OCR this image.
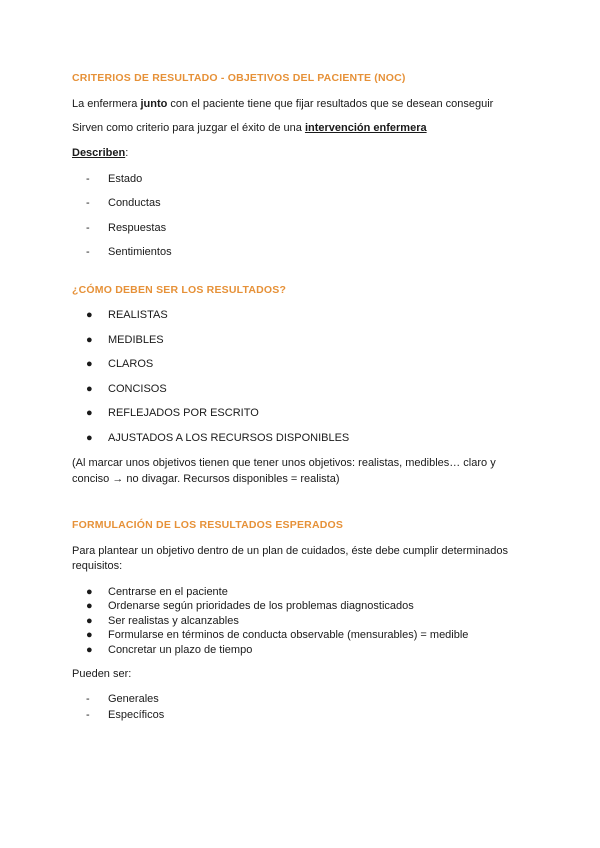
CRITERIOS DE RESULTADO - OBJETIVOS DEL PACIENTE (NOC)
La enfermera junto con el paciente tiene que fijar resultados que se desean conseguir
Sirven como criterio para juzgar el éxito de una intervención enfermera
Describen:
- Estado
- Conductas
- Respuestas
- Sentimientos
¿CÓMO DEBEN SER LOS RESULTADOS?
● REALISTAS
● MEDIBLES
● CLAROS
● CONCISOS
● REFLEJADOS POR ESCRITO
● AJUSTADOS A LOS RECURSOS DISPONIBLES
(Al marcar unos objetivos tienen que tener unos objetivos: realistas, medibles… claro y conciso → no divagar. Recursos disponibles = realista)
FORMULACIÓN DE LOS RESULTADOS ESPERADOS
Para plantear un objetivo dentro de un plan de cuidados, éste debe cumplir determinados requisitos:
● Centrarse en el paciente
● Ordenarse según prioridades de los problemas diagnosticados
● Ser realistas y alcanzables
● Formularse en términos de conducta observable (mensurables) = medible
● Concretar un plazo de tiempo
Pueden ser:
- Generales
- Específicos
